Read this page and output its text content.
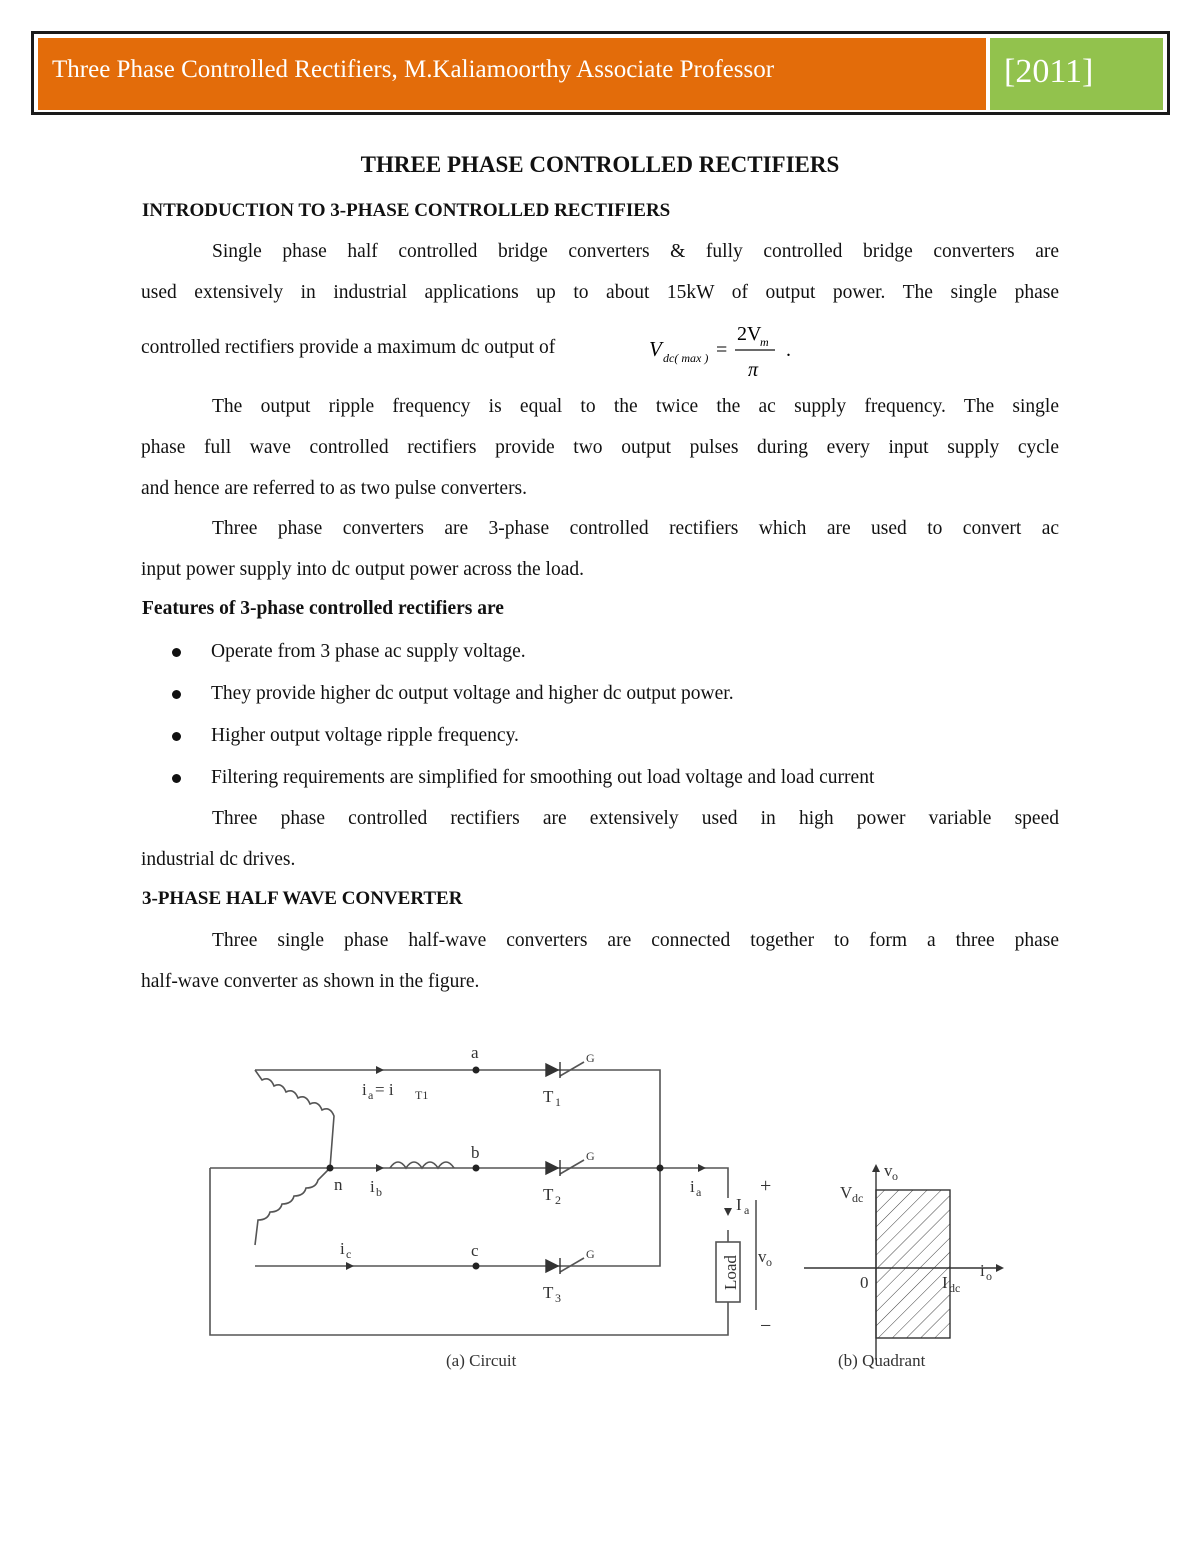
Three Phase Controlled Rectifiers, M.Kaliamoorthy Associate Professor	[2011]
THREE PHASE CONTROLLED RECTIFIERS
INTRODUCTION TO 3-PHASE CONTROLLED RECTIFIERS
Single phase half controlled bridge converters & fully controlled bridge converters are
used extensively in industrial applications up to about 15kW of output power. The single phase
controlled rectifiers provide a maximum dc output of	V dc( max ) =
2V
m
π
.
The output ripple frequency is equal to the twice the ac supply frequency. The single
phase full wave controlled rectifiers provide two output pulses during every input supply cycle
and hence are referred to as two pulse converters.
Three phase converters are 3-phase controlled rectifiers which are used to convert ac
input power supply into dc output power across the load.
Features of 3-phase controlled rectifiers are
Operate from 3 phase ac supply voltage.
They provide higher dc output voltage and higher dc output power.
Higher output voltage ripple frequency.
Filtering requirements are simplified for smoothing out load voltage and load current
Three phase controlled rectifiers are extensively used in high power variable speed
industrial dc drives.
3-PHASE HALF WAVE CONVERTER
Three single phase half-wave converters are connected together to form a three phase
half-wave converter as shown in the figure.
a
b
c
n
i a = i T1
i b
i c
T 1
T 2
T 3
G
G
G
i a
I a
+
−
v o
Load
(a) Circuit
v o
i o
V dc
I dc
0
(b) Quadrant
